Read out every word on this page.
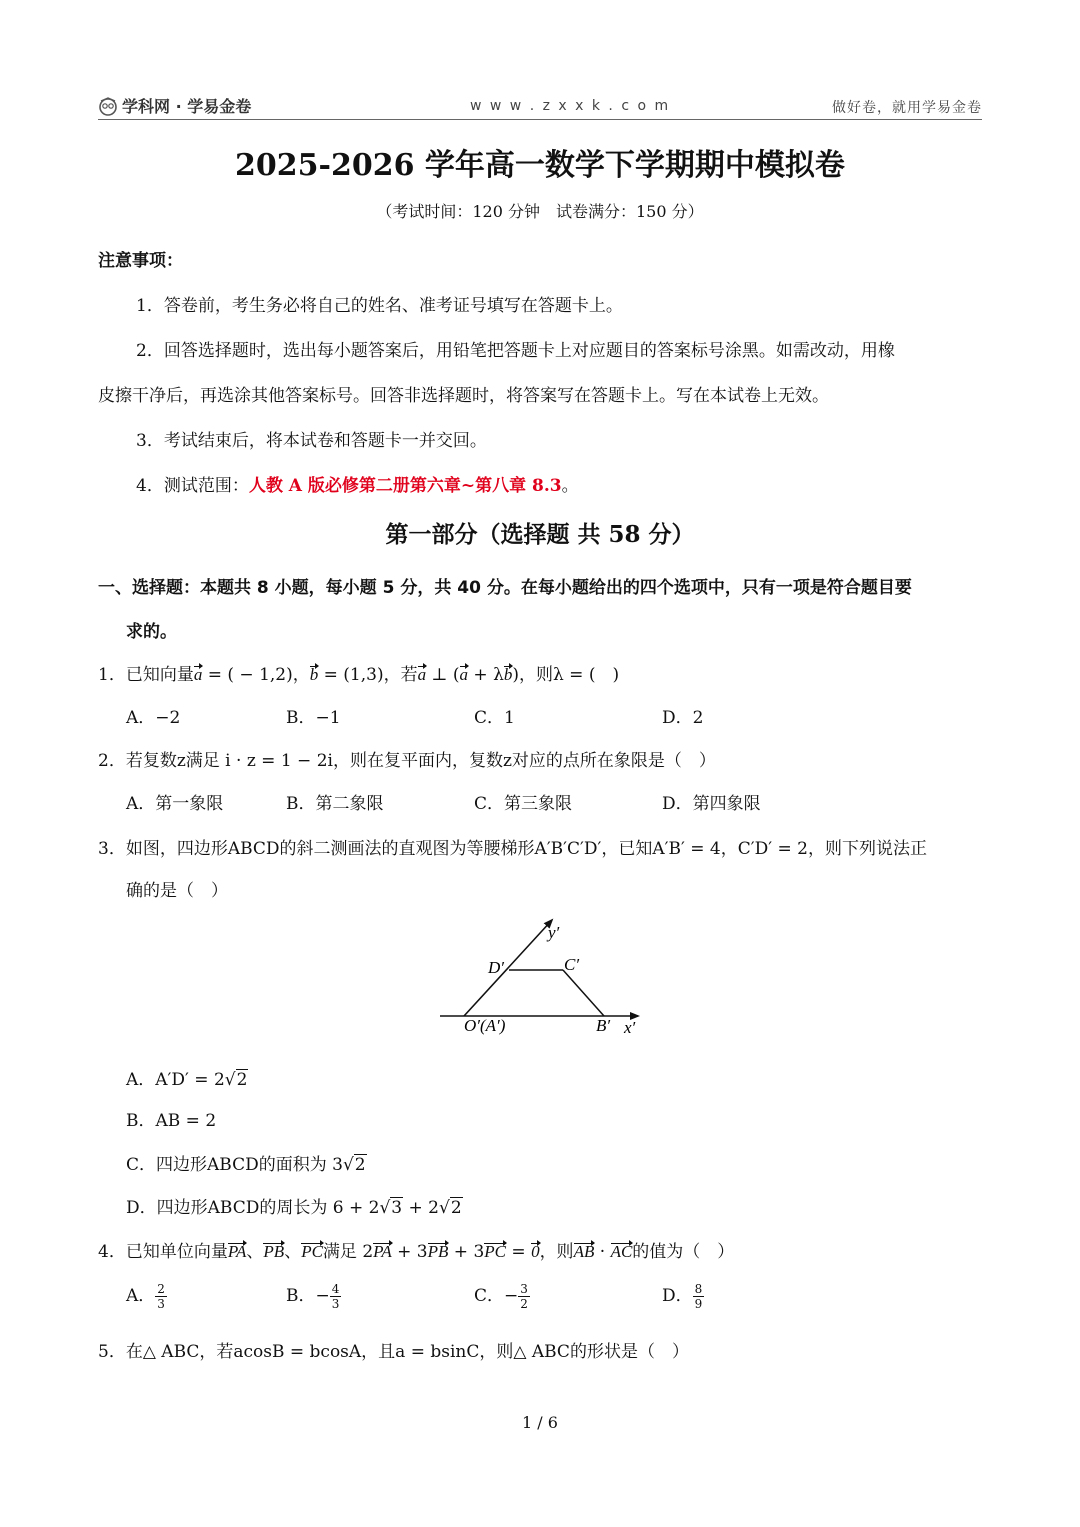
学科网 · 学易金卷	w w w . z x x k . c o m	做好卷，就用学易金卷
2025-2026 学年高一数学下学期期中模拟卷
（考试时间：120 分钟　试卷满分：150 分）
注意事项：
1．答卷前，考生务必将自己的姓名、准考证号填写在答题卡上。
2．回答选择题时，选出每小题答案后，用铅笔把答题卡上对应题目的答案标号涂黑。如需改动，用橡
皮擦干净后，再选涂其他答案标号。回答非选择题时，将答案写在答题卡上。写在本试卷上无效。
3．考试结束后，将本试卷和答题卡一并交回。
4．测试范围：人教 A 版必修第二册第六章~第八章 8.3。
第一部分（选择题 共 58 分）
一、选择题：本题共 8 小题，每小题 5 分，共 40 分。在每小题给出的四个选项中，只有一项是符合题目要
求的。
1．已知向量a = ( − 1,2)，b = (1,3)，若a ⊥ (a + λb)，则λ = (　)
A．−2	B．−1	C．1	D．2
2．若复数z满足 i · z = 1 − 2i，则在复平面内，复数z对应的点所在象限是（　）
A．第一象限	B．第二象限	C．第三象限	D．第四象限
3．如图，四边形ABCD的斜二测画法的直观图为等腰梯形A′B′C′D′，已知A′B′ = 4，C′D′ = 2，则下列说法正
确的是（　）
y′
D′	C′
O′(A′)	B′ x′
A．A′D′ = 2√2
B．AB = 2
C．四边形ABCD的面积为 3√2
D．四边形ABCD的周长为 6 + 2√3 + 2√2
4．已知单位向量PA、PB、PC满足 2PA + 3PB + 3PC = 0，则AB · AC的值为（　）
A． $\frac{2}{3}$	B．− $\frac{4}{3}$	C．− $\frac{3}{2}$	D． $\frac{8}{9}$
5．在△ ABC，若acosB = bcosA，且a = bsinC，则△ ABC的形状是（　）
1 / 6
